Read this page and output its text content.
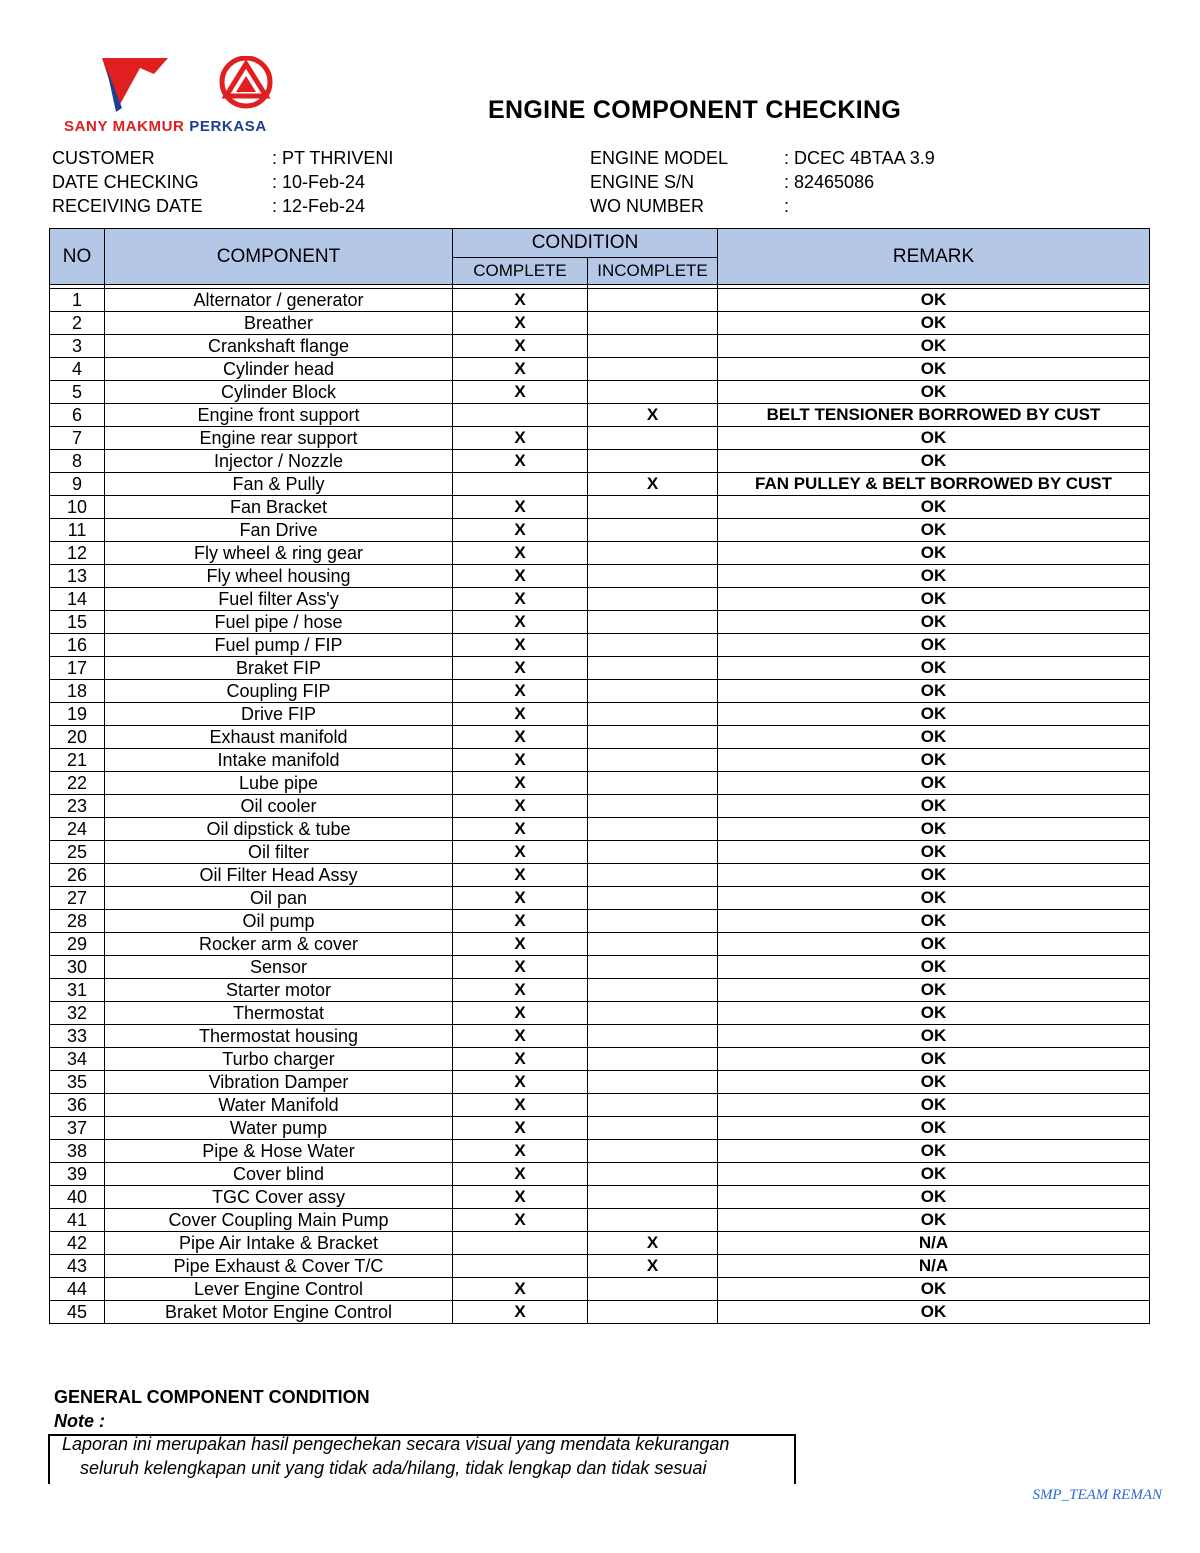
SANY MAKMUR PERKASA
ENGINE COMPONENT CHECKING
CUSTOMER	: PT THRIVENI
DATE CHECKING	: 10-Feb-24
RECEIVING DATE	: 12-Feb-24
ENGINE MODEL	: DCEC 4BTAA 3.9
ENGINE S/N	: 82465086
WO NUMBER	:
NO	COMPONENT	CONDITION		REMARK
		COMPLETE	INCOMPLETE	

1	Alternator / generator	X		OK
2	Breather	X		OK
3	Crankshaft flange	X		OK
4	Cylinder head	X		OK
5	Cylinder Block	X		OK
6	Engine front support		X	BELT TENSIONER BORROWED BY CUST
7	Engine rear support	X		OK
8	Injector / Nozzle	X		OK
9	Fan & Pully		X	FAN PULLEY & BELT BORROWED BY CUST
10	Fan Bracket	X		OK
11	Fan Drive	X		OK
12	Fly wheel & ring gear	X		OK
13	Fly wheel housing	X		OK
14	Fuel filter Ass'y	X		OK
15	Fuel pipe / hose	X		OK
16	Fuel pump / FIP	X		OK
17	Braket FIP	X		OK
18	Coupling FIP	X		OK
19	Drive FIP	X		OK
20	Exhaust manifold	X		OK
21	Intake manifold	X		OK
22	Lube pipe	X		OK
23	Oil cooler	X		OK
24	Oil dipstick & tube	X		OK
25	Oil filter	X		OK
26	Oil Filter Head Assy	X		OK
27	Oil pan	X		OK
28	Oil pump	X		OK
29	Rocker arm & cover	X		OK
30	Sensor	X		OK
31	Starter motor	X		OK
32	Thermostat	X		OK
33	Thermostat housing	X		OK
34	Turbo charger	X		OK
35	Vibration Damper	X		OK
36	Water Manifold	X		OK
37	Water pump	X		OK
38	Pipe & Hose Water	X		OK
39	Cover blind	X		OK
40	TGC Cover assy	X		OK
41	Cover Coupling Main Pump	X		OK
42	Pipe Air Intake & Bracket		X	N/A
43	Pipe Exhaust & Cover T/C		X	N/A
44	Lever Engine Control	X		OK
45	Braket Motor Engine Control	X		OK
GENERAL COMPONENT CONDITION
Note :
Laporan ini merupakan hasil pengechekan secara visual yang mendata kekurangan
seluruh kelengkapan unit yang tidak ada/hilang, tidak lengkap dan tidak sesuai
SMP_TEAM REMAN
